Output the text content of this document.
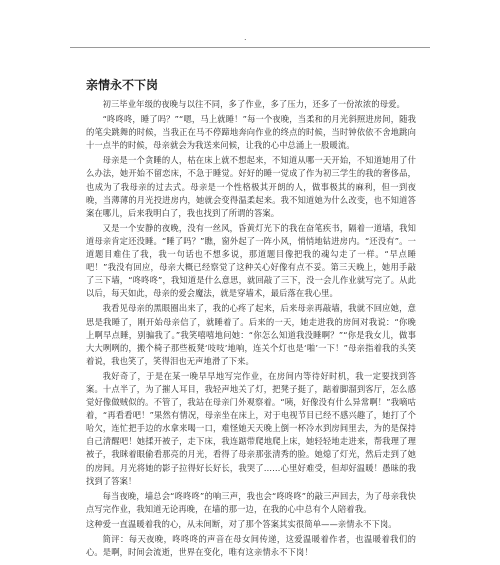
.
亲情永不下岗

初三毕业年级的夜晚与以往不同，多了作业，多了压力，还多了一份浓浓的母爱。

“咚咚咚，睡了吗？”“嗯，马上就睡！”每一个夜晚，当柔和的月光斜照进房间，随我的笔尖跳舞的时候，当我正在马不停蹄地奔向作业的终点的时候，当时钟依依不舍地跳向十一点半的时候，母亲就会为我送来问候，让我的心中总涌上一股暖流。

母亲是一个贪睡的人，枯在床上就不想起来，不知道从哪一天开始，不知道她用了什么办法，她开始不留恋床，不急于睡觉。好好的睡一觉成了作为初三学生的我的奢侈品，也成为了我母亲的过去式。母亲是一个性格极其开朗的人，做事极其的麻利，但一到夜晚，当薄薄的月光投进房内，她就会变得温柔起来。我不知道她为什么改变，也不知道答案在哪儿，后来我明白了，我也找到了所谓的答案。

又是一个安静的夜晚，没有一丝风，昏黄灯光下的我在奋笔疾书，隔着一道墙，我知道母亲肯定还没睡。“睡了吗？”瞧，窗外起了一阵小风，悄悄地钻进房内。“还没有”。一道题目难住了我，我一句话也不想多说，那道题目像把我的魂勾走了一样。“早点睡吧！”我没有回应，母亲大概已经察觉了这种关心好像有点不妥。第三天晚上，她用手敲了三下墙，“咚咚咚”，我知道是什么意思，就回敲了三下，没一会儿作业就写完了。从此以后，每天如此，母亲的爱会魔法，就是穿墙术，最后落在我心里。

我看见母亲的黑眼圈出来了，我的心疼了起来，后来母亲再敲墙，我就不回应她，意思是我睡了，刚开始母亲信了，就睡着了。后来的一天，她走进我的房间对我说：“你晚上啊早点睡，别骗我了。”我笑嘻嘻地问她：“你怎么知道我没睡啊？”“你是我女儿，做事大大咧咧的，搬个椅子那些板凳‘吱吱’地响，连关个灯也是‘啪’一下！”母亲指着我的头笑着说，我也笑了，笑得泪也无声地滑了下来。

我好奇了，于是在某一晚早早地写完作业，在房间内等待好时机，我一定要找到答案。十点半了，为了摧人耳目，我轻声地关了灯，把凳子挺了，踮着脚溜到客厅，怎么感觉好像做贼似的。不管了，我站在母亲门外观察着。“咦，好像没有什么异常啊！”我嘀咕着，“再看看吧！”果然有情况，母亲坐在床上，对于电视节目已经不感兴趣了，她打了个哈欠，连忙把手边的水拿来喝一口，难怪她天天晚上倒一杯冷水到房间里去，为的是保持自己清醒吧！她揉开被子，走下床，我连踮带爬地爬上床，她轻轻地走进来，帮我理了理被子，我眯着眼偷看那亮的月光，看得了母亲那张清秀的脸。她熄了灯光，然后走到了她的房间。月光将她的影子拉得好长好长，我哭了……心里好难受，但却好温暖！愚昧的我找到了答案！

每当夜晚，墙总会“咚咚咚”的响三声，我也会“咚咚咚”的敲三声回去，为了母亲我快点写完作业，我知道无论再晚，在墙的那一边，在我的心中总有个人陪着我。

这种爱一直温暖着我的心，从未间断，对了那个答案其实很简单——亲情永不下岗。

简评：每天夜晚，咚咚咚的声音在母女间传递，这爱温暖着作者，也温暖着我们的心。是啊，时间会流逝，世界在变化，唯有这亲情永不下岗！
